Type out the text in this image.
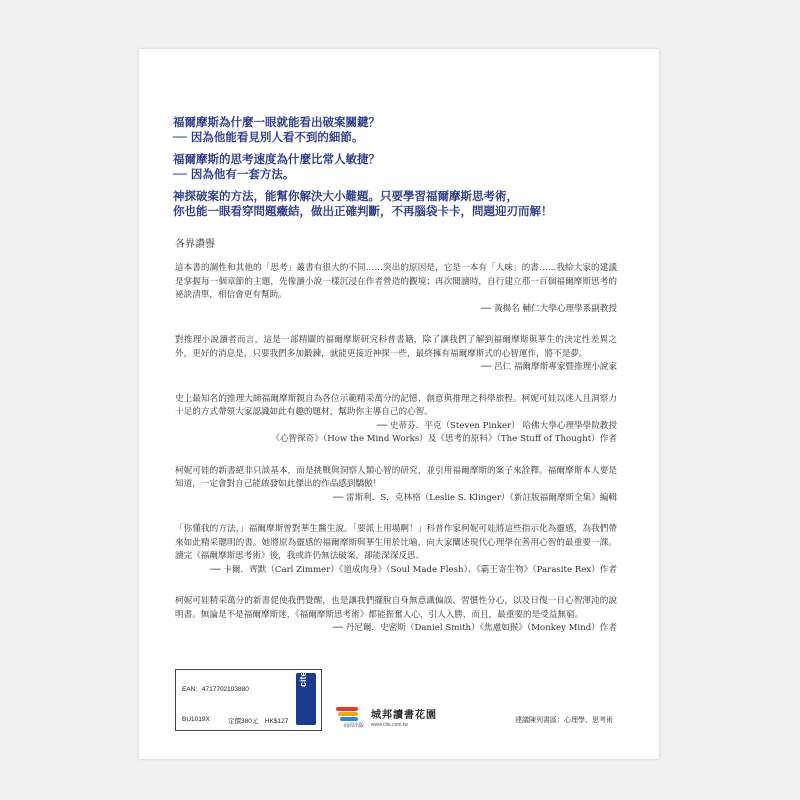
福爾摩斯為什麼一眼就能看出破案關鍵？
── 因為他能看見別人看不到的細節。

福爾摩斯的思考速度為什麼比常人敏捷？
── 因為他有一套方法。

神探破案的方法，能幫你解決大小難題。只要學習福爾摩斯思考術，
你也能一眼看穿問題癥結，做出正確判斷，不再腦袋卡卡，問題迎刃而解！

各界讚譽

這本書的調性和其他的「思考」叢書有很大的不同……突出的原因是，它是一本有「人味」的書……我給大家的建議是掌握每一個章節的主題，先像讀小說一樣沉浸在作者營造的觀境；再次閱讀時，自行建立那一百個福爾摩斯思考的祕訣清單，相信會更有幫助。

── 黃揚名 輔仁大學心理學系副教授

對推理小說讀者而言，這是一部精闢的福爾摩斯研究科普書籍，除了讓我們了解到福爾摩斯與華生的決定性差異之外，更好的消息是，只要我們多加鍛鍊，就能更接近神探一些，最終擁有福爾摩斯式的心智運作，將不是夢。

── 呂仁 福爾摩斯專家暨推理小說家

史上最知名的推理大師福爾摩斯親自為各位示範精采萬分的記憶、創意與推理之科學旅程。柯妮可娃以迷人且洞察力十足的方式帶領大家認識如此有趣的題材，幫助你主導自己的心智。

── 史蒂芬．平克（Steven Pinker） 哈佛大學心理學學院教授
《心智探奇》（How the Mind Works）及《思考的原料》（The Stuff of Thought）作者

柯妮可娃的新書絕非只談基本，而是挑戰與洞察人類心智的研究，並引用福爾摩斯的案子來詮釋。福爾摩斯本人要是知道，一定會對自己能啟發如此傑出的作品感到驕傲！

── 雷斯利．S．克林格（Leslie S. Klinger）《新註版福爾摩斯全集》編輯

「你懂我的方法，」福爾摩斯曾對華生醫生說。「要派上用場啊！」科普作家柯妮可娃將這些指示化為靈感，為我們帶來如此精采聰明的書。她將原為靈感的福爾摩斯與華生用於比喻，向大家闡述現代心理學在善用心智的最重要一課。讀完《福爾摩斯思考術》後，我或許仍無法破案，卻能深深反思。

── 卡爾．齊默（Carl Zimmer）《道成肉身》（Soul Made Flesh）、《霸王寄生物》（Parasite Rex）作者

柯妮可娃精采萬分的新書促使我們覺醒，也是讓我們擺脫自身無意識偏誤、習慣性分心，以及日復一日心智渾沌的說明書。無論是不是福爾摩斯迷，《福爾摩斯思考術》都能振奮人心，引人入勝，而且，最重要的是受益無窮。

── 丹尼爾．史密斯（Daniel Smith）《焦慮如猴》（Monkey Mind）作者

EAN：4717702103880
BU1019X	定價380元　HK$127
cite
商周出版
城邦讀書花園
www.cite.com.tw
建議陳列書區：心理學、思考術
